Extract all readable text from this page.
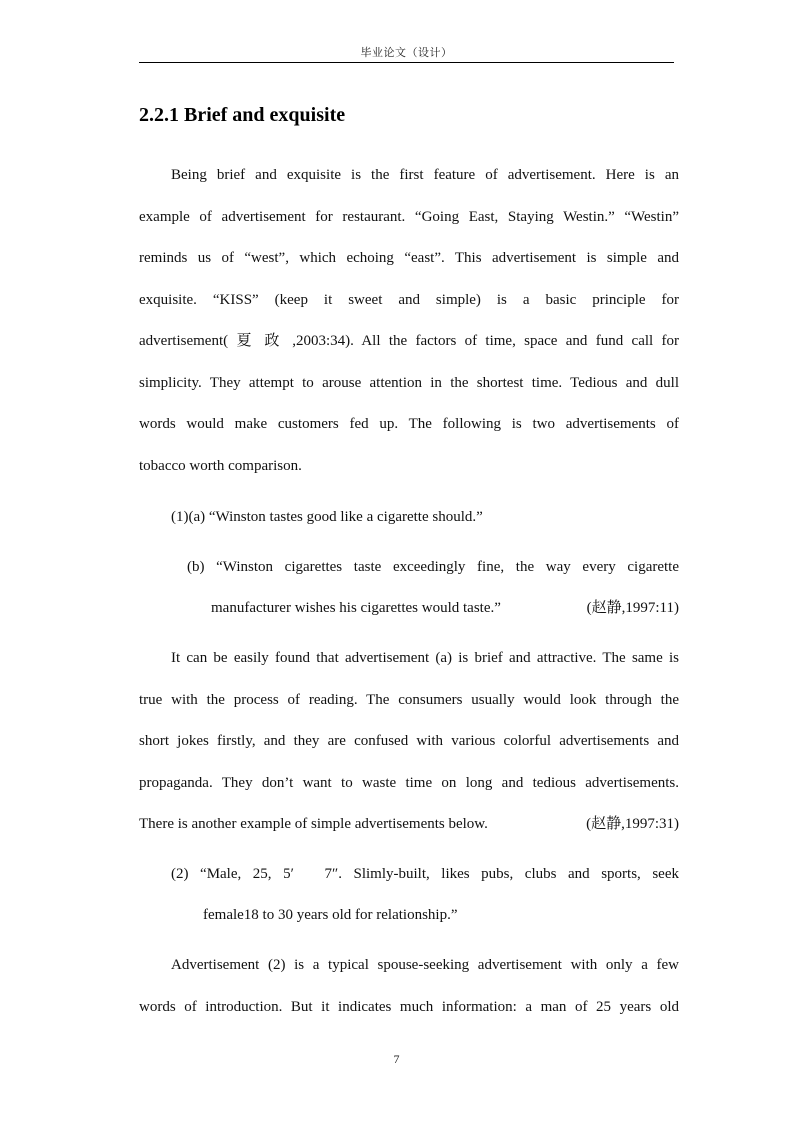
毕业论文（设计）
2.2.1 Brief and exquisite
Being brief and exquisite is the first feature of advertisement. Here is an
example of advertisement for restaurant. “Going East, Staying Westin.” “Westin”
reminds us of “west”, which echoing “east”. This advertisement is simple and
exquisite. “KISS” (keep it sweet and simple) is a basic principle for
advertisement( 夏 政 ,2003:34). All the factors of time, space and fund call for
simplicity. They attempt to arouse attention in the shortest time. Tedious and dull
words would make customers fed up. The following is two advertisements of
tobacco worth comparison.
(1)(a) “Winston tastes good like a cigarette should.”
(b) “Winston cigarettes taste exceedingly fine, the way every cigarette
manufacturer wishes his cigarettes would taste.”	(赵静,1997:11)
It can be easily found that advertisement (a) is brief and attractive. The same is
true with the process of reading. The consumers usually would look through the
short jokes firstly, and they are confused with various colorful advertisements and
propaganda. They don’t want to waste time on long and tedious advertisements.
There is another example of simple advertisements below.	(赵静,1997:31)
(2) “Male, 25, 5′　7″. Slimly-built, likes pubs, clubs and sports, seek
female18 to 30 years old for relationship.”
Advertisement (2) is a typical spouse-seeking advertisement with only a few
words of introduction. But it indicates much information: a man of 25 years old
7
